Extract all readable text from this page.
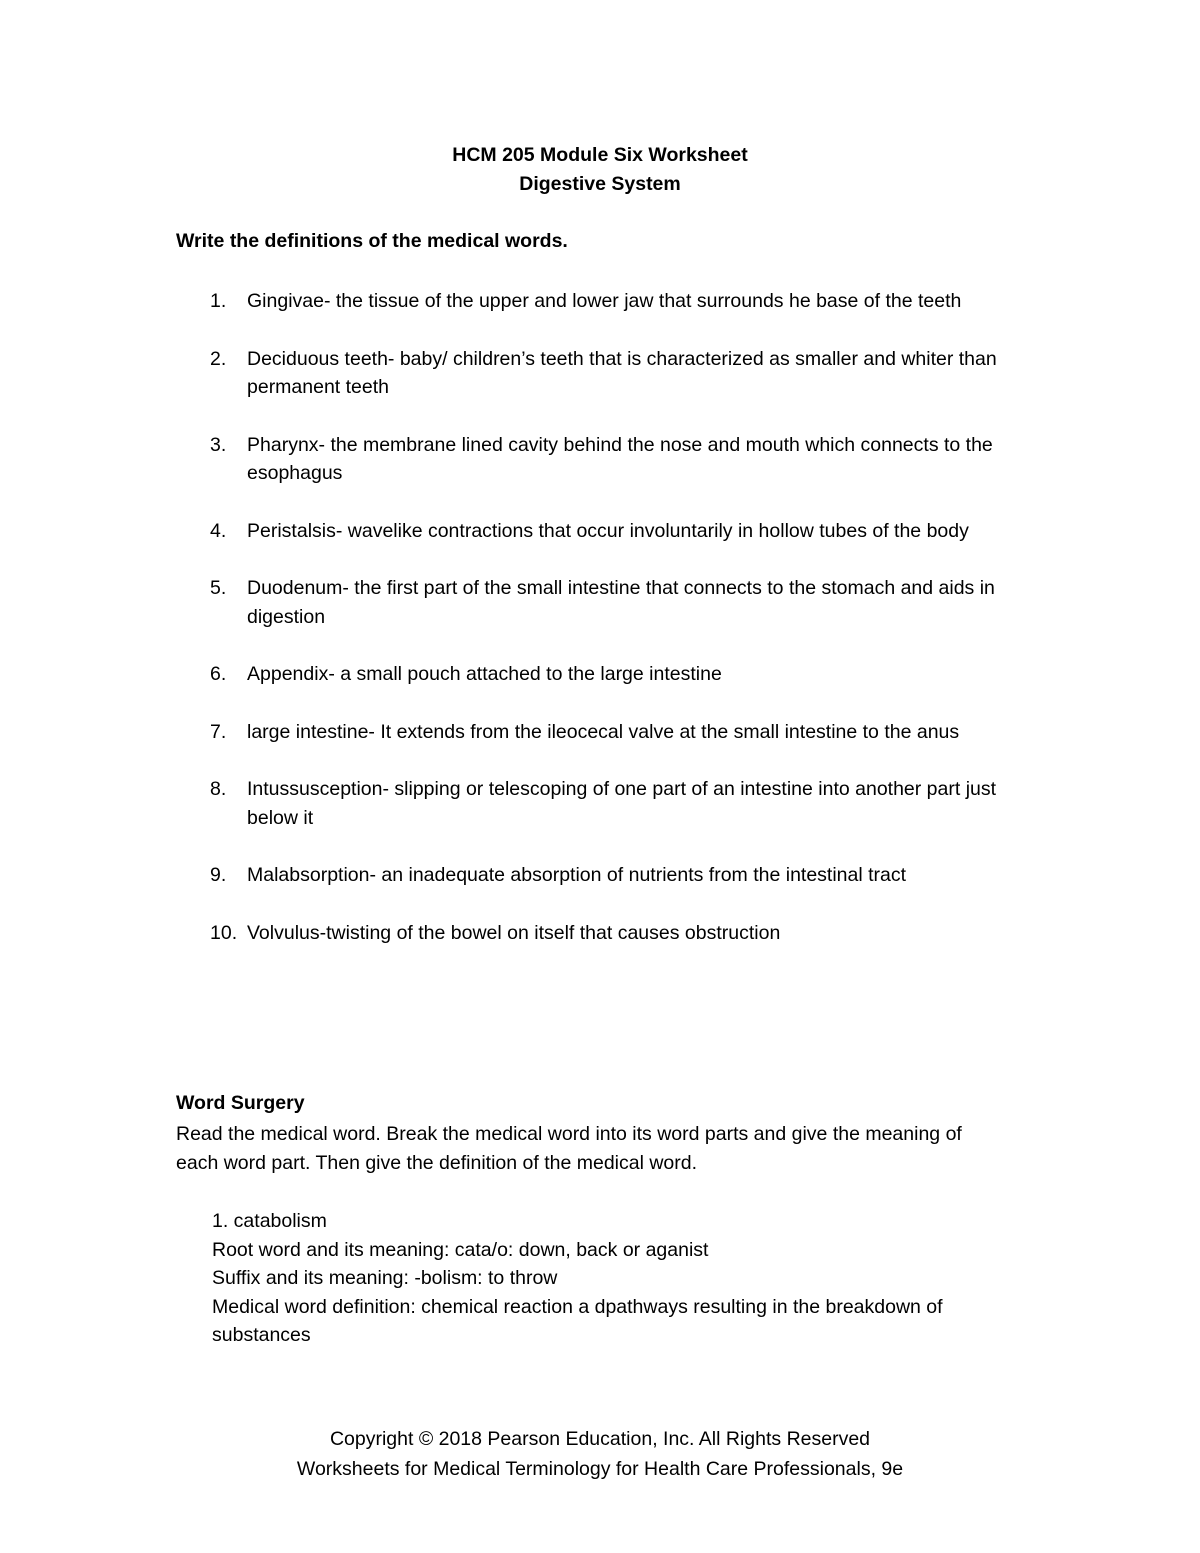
HCM 205 Module Six Worksheet
Digestive System
Write the definitions of the medical words.
1. Gingivae- the tissue of the upper and lower jaw that surrounds he base of the teeth
2. Deciduous teeth- baby/ children’s teeth that is characterized as smaller and whiter than permanent teeth
3. Pharynx- the membrane lined cavity behind the nose and mouth which connects to the esophagus
4. Peristalsis- wavelike contractions that occur involuntarily in hollow tubes of the body
5. Duodenum- the first part of the small intestine that connects to the stomach and aids in digestion
6. Appendix- a small pouch attached to the large intestine
7. large intestine- It extends from the ileocecal valve at the small intestine to the anus
8. Intussusception- slipping or telescoping of one part of an intestine into another part just below it
9. Malabsorption- an inadequate absorption of nutrients from the intestinal tract
10. Volvulus-twisting of the bowel on itself that causes obstruction
Word Surgery
Read the medical word. Break the medical word into its word parts and give the meaning of each word part. Then give the definition of the medical word.
1. catabolism
Root word and its meaning: cata/o: down, back or aganist
Suffix and its meaning: -bolism: to throw
Medical word definition: chemical reaction a dpathways resulting in the breakdown of substances
Copyright © 2018 Pearson Education, Inc. All Rights Reserved
Worksheets for Medical Terminology for Health Care Professionals, 9e
